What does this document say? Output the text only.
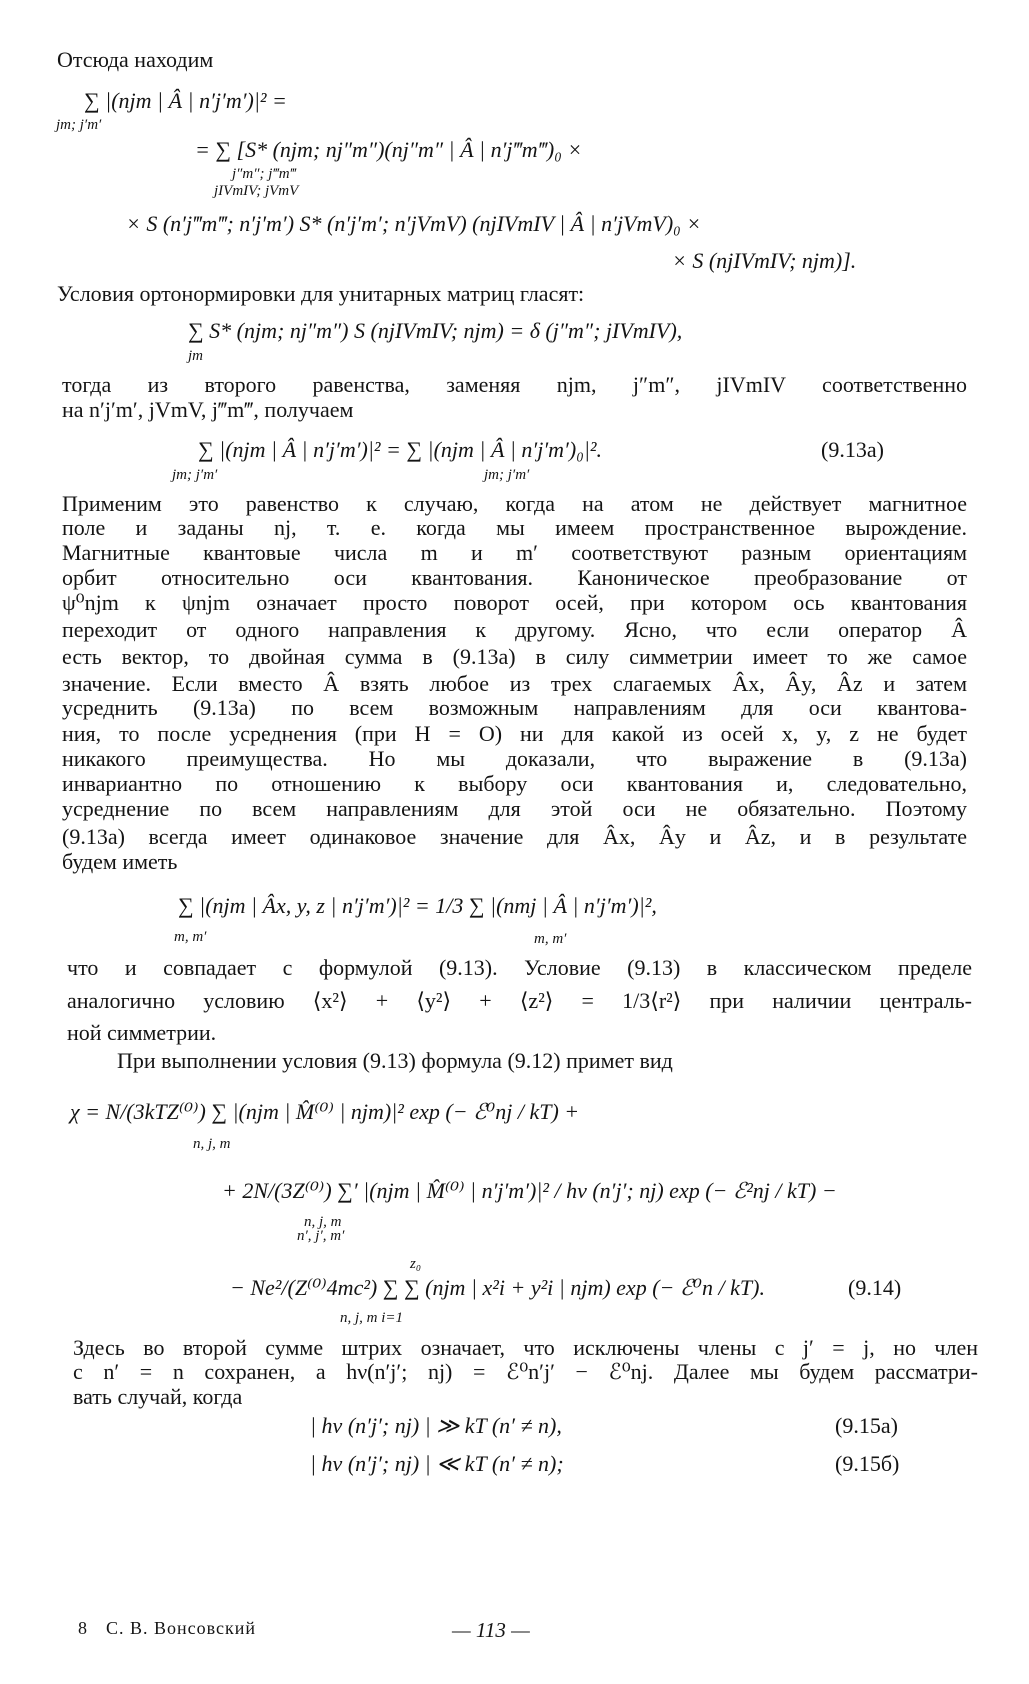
Отсюда находим
∑ |(njm | Â | n′j′m′)|² =
jm; j′m′
= ∑ [S* (njm; nj″m″)(nj″m″ | Â | n′j‴m‴)₀ ×
j″m″; j‴m‴
jIVmIV; jVmV
× S (n′j‴m‴; n′j′m′) S* (n′j′m′; n′jVmV) (njIVmIV | Â | n′jVmV)₀ ×
× S (njIVmIV; njm)].
Условия ортонормировки для унитарных матриц гласят:
∑ S* (njm; nj″m″) S (njIVmIV; njm) = δ (j″m″; jIVmIV),
jm
тогда из второго равенства, заменяя njm, j″m″, jIVmIV соответственно
на n′j′m′, jVmV, j‴m‴, получаем
∑ |(njm | Â | n′j′m′)|² = ∑ |(njm | Â | n′j′m′)₀|².
jm; j′m′	jm; j′m′
(9.13а)
Применим это равенство к случаю, когда на атом не действует магнитное
поле и заданы nj, т. е. когда мы имеем пространственное вырождение.
Магнитные квантовые числа m и m′ соответствуют разным ориентациям
орбит относительно оси квантования. Каноническое преобразование от
ψ⁰njm к ψnjm означает просто поворот осей, при котором ось квантования
переходит от одного направления к другому. Ясно, что если оператор Â
есть вектор, то двойная сумма в (9.13а) в силу симметрии имеет то же самое
значение. Если вместо Â взять любое из трех слагаемых Âx, Ây, Âz и затем
усреднить (9.13а) по всем возможным направлениям для оси квантова-
ния, то после усреднения (при H = O) ни для какой из осей x, y, z не будет
никакого преимущества. Но мы доказали, что выражение в (9.13а)
инвариантно по отношению к выбору оси квантования и, следовательно,
усреднение по всем направлениям для этой оси не обязательно. Поэтому
(9.13а) всегда имеет одинаковое значение для Âx, Ây и Âz, и в результате
будем иметь
∑ |(njm | Âx, y, z | n′j′m′)|² = 1/3 ∑ |(nmj | Â | n′j′m′)|²,
m, m′	m, m′
что и совпадает с формулой (9.13). Условие (9.13) в классическом пределе
аналогично условию ⟨x²⟩ + ⟨y²⟩ + ⟨z²⟩ = 1/3⟨r²⟩ при наличии централь-
ной симметрии.
При выполнении условия (9.13) формула (9.12) примет вид
χ = N/(3kTZ⁽⁰⁾) ∑ |(njm | M̂⁽⁰⁾ | njm)|² exp (− ℰ⁰nj / kT) +
n, j, m
+ 2N/(3Z⁽⁰⁾) ∑′ |(njm | M̂⁽⁰⁾ | n′j′m′)|² / hν (n′j′; nj) exp (− ℰ²nj / kT) −
n, j, m
n′, j′, m′
z₀
− Ne²/(Z⁽⁰⁾4mc²) ∑ ∑ (njm | x²i + y²i | njm) exp (− ℰ⁰n / kT).
n, j, m i=1
(9.14)
Здесь во второй сумме штрих означает, что исключены члены с j′ = j, но член
с n′ = n сохранен, а hν(n′j′; nj) = ℰ⁰n′j′ − ℰ⁰nj. Далее мы будем рассматри-
вать случай, когда
| hν (n′j′; nj) | ≫ kT (n′ ≠ n),	(9.15а)
| hν (n′j′; nj) | ≪ kT (n′ ≠ n);	(9.15б)
8 С. В. Вонсовский	— 113 —
